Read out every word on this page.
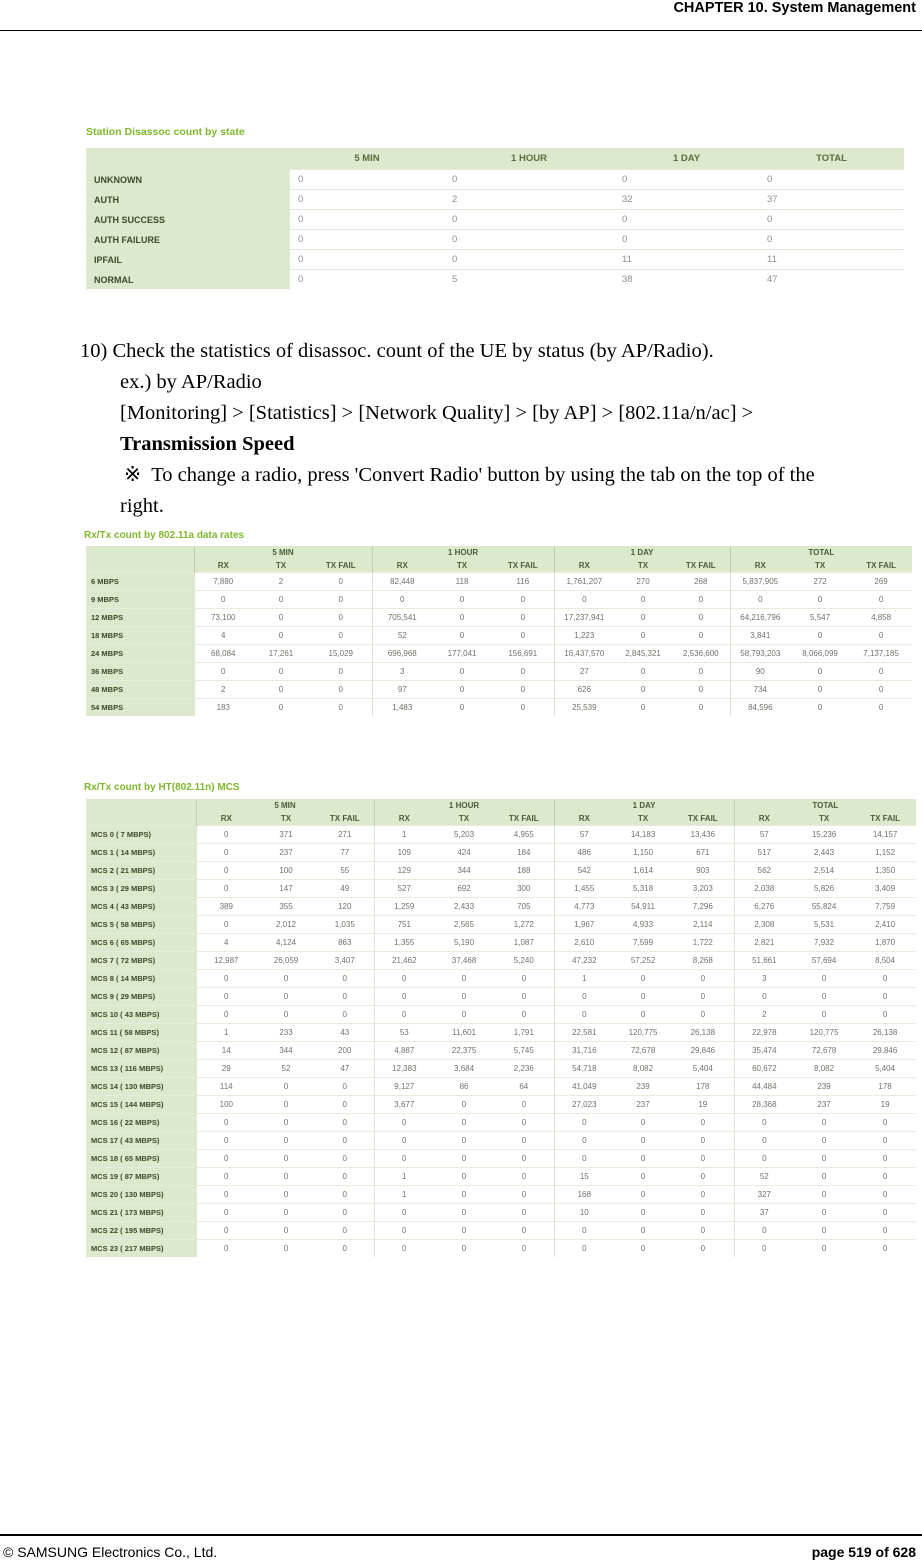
CHAPTER 10. System Management
Station Disassoc count by state
	5 MIN	1 HOUR	1 DAY	TOTAL
UNKNOWN	0	0	0	0
AUTH	0	2	32	37
AUTH SUCCESS	0	0	0	0
AUTH FAILURE	0	0	0	0
IPFAIL	0	0	11	11
NORMAL	0	5	38	47
10) Check the statistics of disassoc. count of the UE by status (by AP/Radio).
ex.) by AP/Radio
[Monitoring] > [Statistics] > [Network Quality] > [by AP] > [802.11a/n/ac] >
Transmission Speed
※ To change a radio, press 'Convert Radio' button by using the tab on the top of the
right.
Rx/Tx count by 802.11a data rates
	5 MIN			1 HOUR			1 DAY			TOTAL		
	RX	TX	TX FAIL	RX	TX	TX FAIL	RX	TX	TX FAIL	RX	TX	TX FAIL
6 MBPS	7,880	2	0	82,448	118	116	1,761,207	270	268	5,837,905	272	269
9 MBPS	0	0	0	0	0	0	0	0	0	0	0	0
12 MBPS	73,100	0	0	705,541	0	0	17,237,941	0	0	64,216,796	5,547	4,858
18 MBPS	4	0	0	52	0	0	1,223	0	0	3,841	0	0
24 MBPS	68,084	17,261	15,029	696,968	177,041	156,691	16,437,570	2,845,321	2,536,600	58,793,203	8,066,099	7,137,185
36 MBPS	0	0	0	3	0	0	27	0	0	90	0	0
48 MBPS	2	0	0	97	0	0	626	0	0	734	0	0
54 MBPS	183	0	0	1,483	0	0	25,539	0	0	84,596	0	0
Rx/Tx count by HT(802.11n) MCS
	5 MIN			1 HOUR			1 DAY			TOTAL		
	RX	TX	TX FAIL	RX	TX	TX FAIL	RX	TX	TX FAIL	RX	TX	TX FAIL
MCS 0 ( 7 MBPS)	0	371	271	1	5,203	4,955	57	14,183	13,436	57	15,236	14,157
MCS 1 ( 14 MBPS)	0	237	77	109	424	184	486	1,150	671	517	2,443	1,152
MCS 2 ( 21 MBPS)	0	100	55	129	344	188	542	1,614	903	562	2,514	1,350
MCS 3 ( 29 MBPS)	0	147	49	527	692	300	1,455	5,318	3,203	2,038	5,826	3,409
MCS 4 ( 43 MBPS)	389	355	120	1,259	2,433	705	4,773	54,911	7,296	6,276	55,824	7,759
MCS 5 ( 58 MBPS)	0	2,012	1,035	751	2,565	1,272	1,967	4,933	2,114	2,308	5,531	2,410
MCS 6 ( 65 MBPS)	4	4,124	863	1,355	5,190	1,087	2,610	7,599	1,722	2,821	7,932	1,870
MCS 7 ( 72 MBPS)	12,987	26,059	3,407	21,462	37,468	5,240	47,232	57,252	8,268	51,661	57,694	8,504
MCS 8 ( 14 MBPS)	0	0	0	0	0	0	1	0	0	3	0	0
MCS 9 ( 29 MBPS)	0	0	0	0	0	0	0	0	0	0	0	0
MCS 10 ( 43 MBPS)	0	0	0	0	0	0	0	0	0	2	0	0
MCS 11 ( 58 MBPS)	1	233	43	53	11,601	1,791	22,581	120,775	26,138	22,978	120,775	26,138
MCS 12 ( 87 MBPS)	14	344	200	4,887	22,375	5,745	31,716	72,678	29,846	35,474	72,678	29,846
MCS 13 ( 116 MBPS)	29	52	47	12,383	3,684	2,236	54,718	8,082	5,404	60,672	8,082	5,404
MCS 14 ( 130 MBPS)	114	0	0	9,127	86	64	41,049	239	178	44,484	239	178
MCS 15 ( 144 MBPS)	100	0	0	3,677	0	0	27,023	237	19	28,368	237	19
MCS 16 ( 22 MBPS)	0	0	0	0	0	0	0	0	0	0	0	0
MCS 17 ( 43 MBPS)	0	0	0	0	0	0	0	0	0	0	0	0
MCS 18 ( 65 MBPS)	0	0	0	0	0	0	0	0	0	0	0	0
MCS 19 ( 87 MBPS)	0	0	0	1	0	0	15	0	0	52	0	0
MCS 20 ( 130 MBPS)	0	0	0	1	0	0	168	0	0	327	0	0
MCS 21 ( 173 MBPS)	0	0	0	0	0	0	10	0	0	37	0	0
MCS 22 ( 195 MBPS)	0	0	0	0	0	0	0	0	0	0	0	0
MCS 23 ( 217 MBPS)	0	0	0	0	0	0	0	0	0	0	0	0
© SAMSUNG Electronics Co., Ltd.	page 519 of 628
